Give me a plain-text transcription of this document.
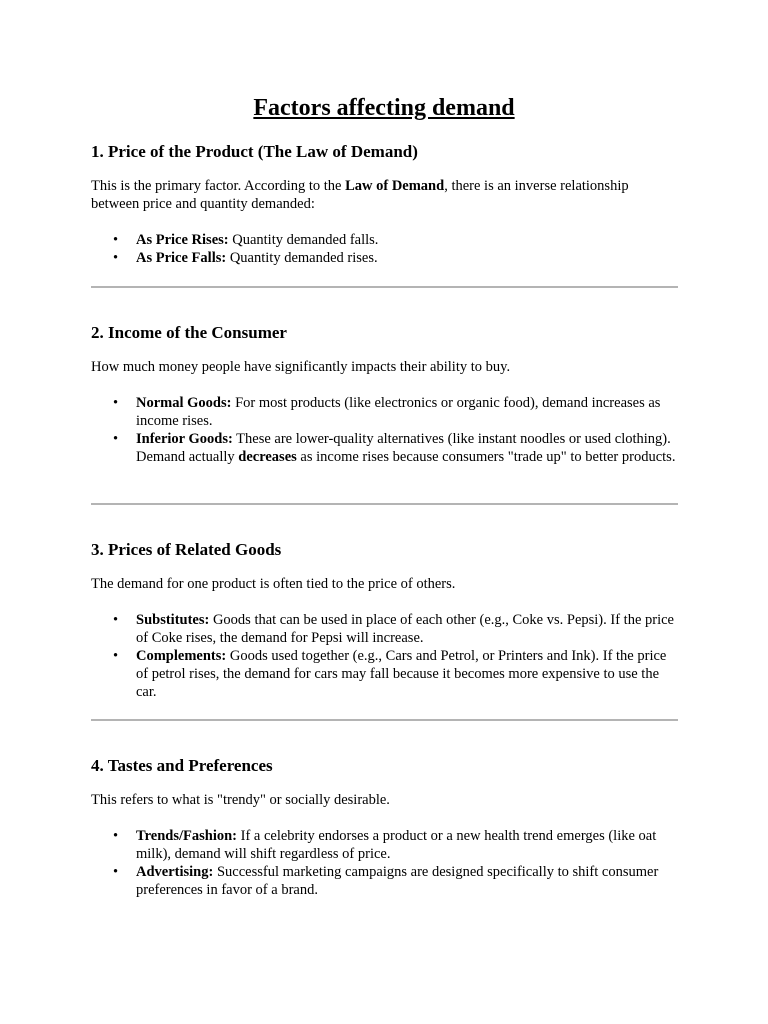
Factors affecting demand
1. Price of the Product (The Law of Demand)

This is the primary factor. According to the Law of Demand, there is an inverse relationship between price and quantity demanded:

• As Price Rises: Quantity demanded falls.
• As Price Falls: Quantity demanded rises.
2. Income of the Consumer

How much money people have significantly impacts their ability to buy.

• Normal Goods: For most products (like electronics or organic food), demand increases as income rises.
• Inferior Goods: These are lower-quality alternatives (like instant noodles or used clothing). Demand actually decreases as income rises because consumers "trade up" to better products.
3. Prices of Related Goods

The demand for one product is often tied to the price of others.

• Substitutes: Goods that can be used in place of each other (e.g., Coke vs. Pepsi). If the price of Coke rises, the demand for Pepsi will increase.
• Complements: Goods used together (e.g., Cars and Petrol, or Printers and Ink). If the price of petrol rises, the demand for cars may fall because it becomes more expensive to use the car.
4. Tastes and Preferences

This refers to what is "trendy" or socially desirable.

• Trends/Fashion: If a celebrity endorses a product or a new health trend emerges (like oat milk), demand will shift regardless of price.
• Advertising: Successful marketing campaigns are designed specifically to shift consumer preferences in favor of a brand.
